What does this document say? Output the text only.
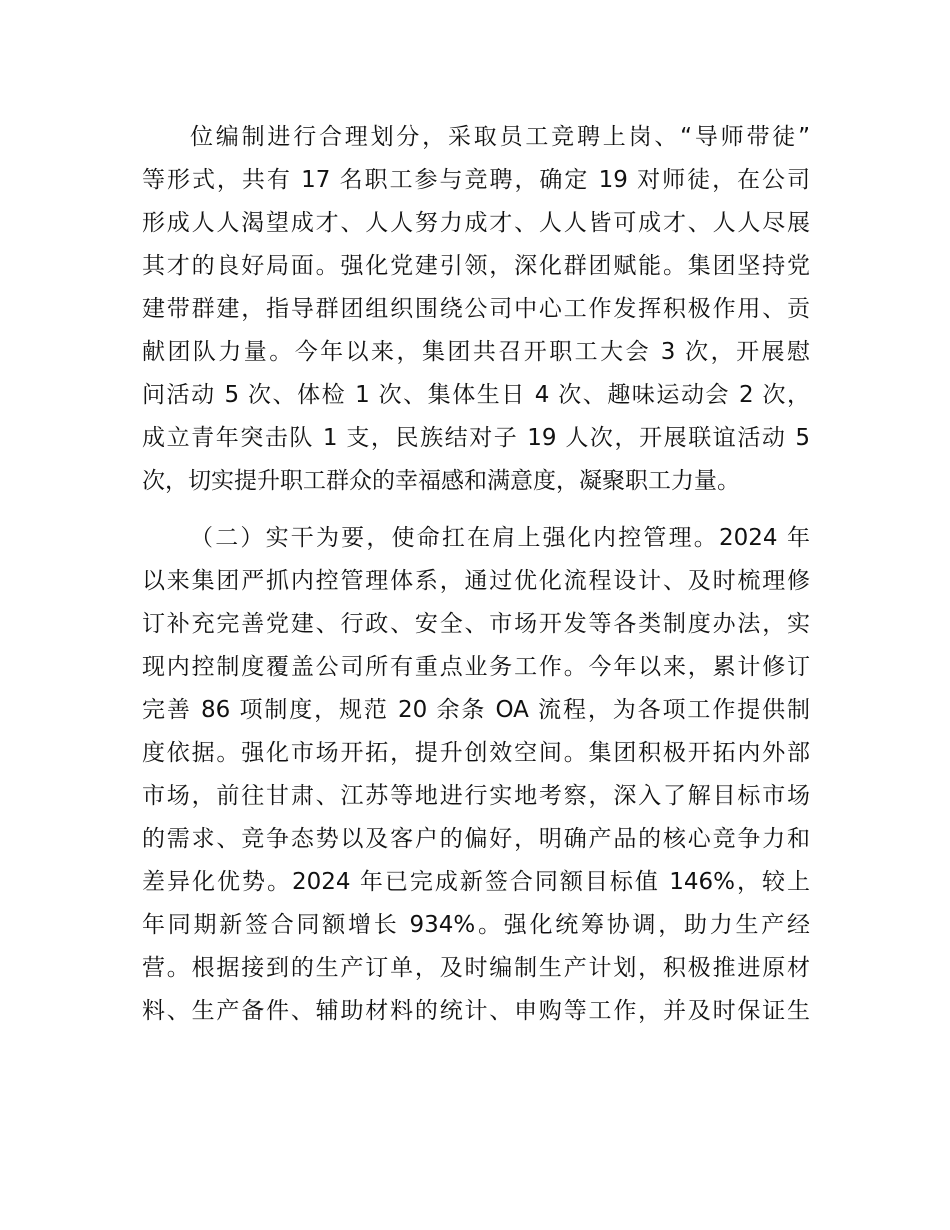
位编制进行合理划分，采取员工竞聘上岗、“导师带徒”
等形式，共有 17 名职工参与竞聘，确定 19 对师徒，在公司
形成人人渴望成才、人人努力成才、人人皆可成才、人人尽展
其才的良好局面。强化党建引领，深化群团赋能。集团坚持党
建带群建，指导群团组织围绕公司中心工作发挥积极作用、贡
献团队力量。今年以来，集团共召开职工大会 3 次，开展慰
问活动 5 次、体检 1 次、集体生日 4 次、趣味运动会 2 次，
成立青年突击队 1 支，民族结对子 19 人次，开展联谊活动 5
次，切实提升职工群众的幸福感和满意度，凝聚职工力量。
（二）实干为要，使命扛在肩上强化内控管理。2024 年
以来集团严抓内控管理体系，通过优化流程设计、及时梳理修
订补充完善党建、行政、安全、市场开发等各类制度办法，实
现内控制度覆盖公司所有重点业务工作。今年以来，累计修订
完善 86 项制度，规范 20 余条 OA 流程，为各项工作提供制
度依据。强化市场开拓，提升创效空间。集团积极开拓内外部
市场，前往甘肃、江苏等地进行实地考察，深入了解目标市场
的需求、竞争态势以及客户的偏好，明确产品的核心竞争力和
差异化优势。2024 年已完成新签合同额目标值 146%，较上
年同期新签合同额增长 934%。强化统筹协调，助力生产经
营。根据接到的生产订单，及时编制生产计划，积极推进原材
料、生产备件、辅助材料的统计、申购等工作，并及时保证生
